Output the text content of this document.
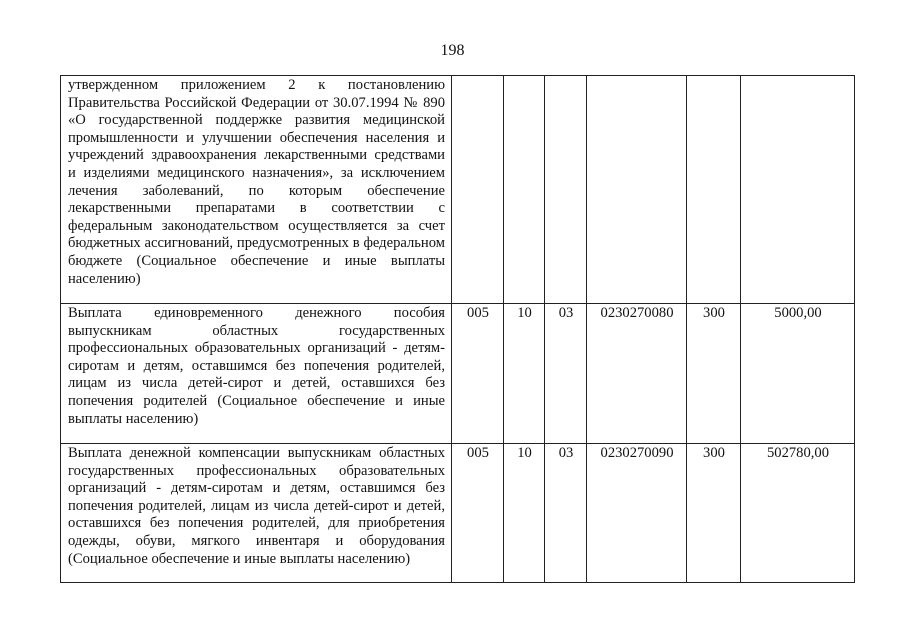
198
утвержденном приложением 2 к постановлению Правительства Российской Федерации от 30.07.1994 № 890 «О государственной поддержке развития медицинской промышленности и улучшении обеспечения населения и учреждений здравоохранения лекарственными средствами и изделиями медицинского назначения», за исключением лечения заболеваний, по которым обеспечение лекарственными препаратами в соответствии с федеральным законодательством осуществляется за счет бюджетных ассигнований, предусмотренных в федеральном бюджете (Социальное обеспечение и иные выплаты населению)						
Выплата единовременного денежного пособия выпускникам областных государственных профессиональных образовательных организаций - детям-сиротам и детям, оставшимся без попечения родителей, лицам из числа детей-сирот и детей, оставшихся без попечения родителей (Социальное обеспечение и иные выплаты населению)	005	10	03	0230270080	300	5000,00
Выплата денежной компенсации выпускникам областных государственных профессиональных образовательных организаций - детям-сиротам и детям, оставшимся без попечения родителей, лицам из числа детей-сирот и детей, оставшихся без попечения родителей, для приобретения одежды, обуви, мягкого инвентаря и оборудования (Социальное обеспечение и иные выплаты населению)	005	10	03	0230270090	300	502780,00
